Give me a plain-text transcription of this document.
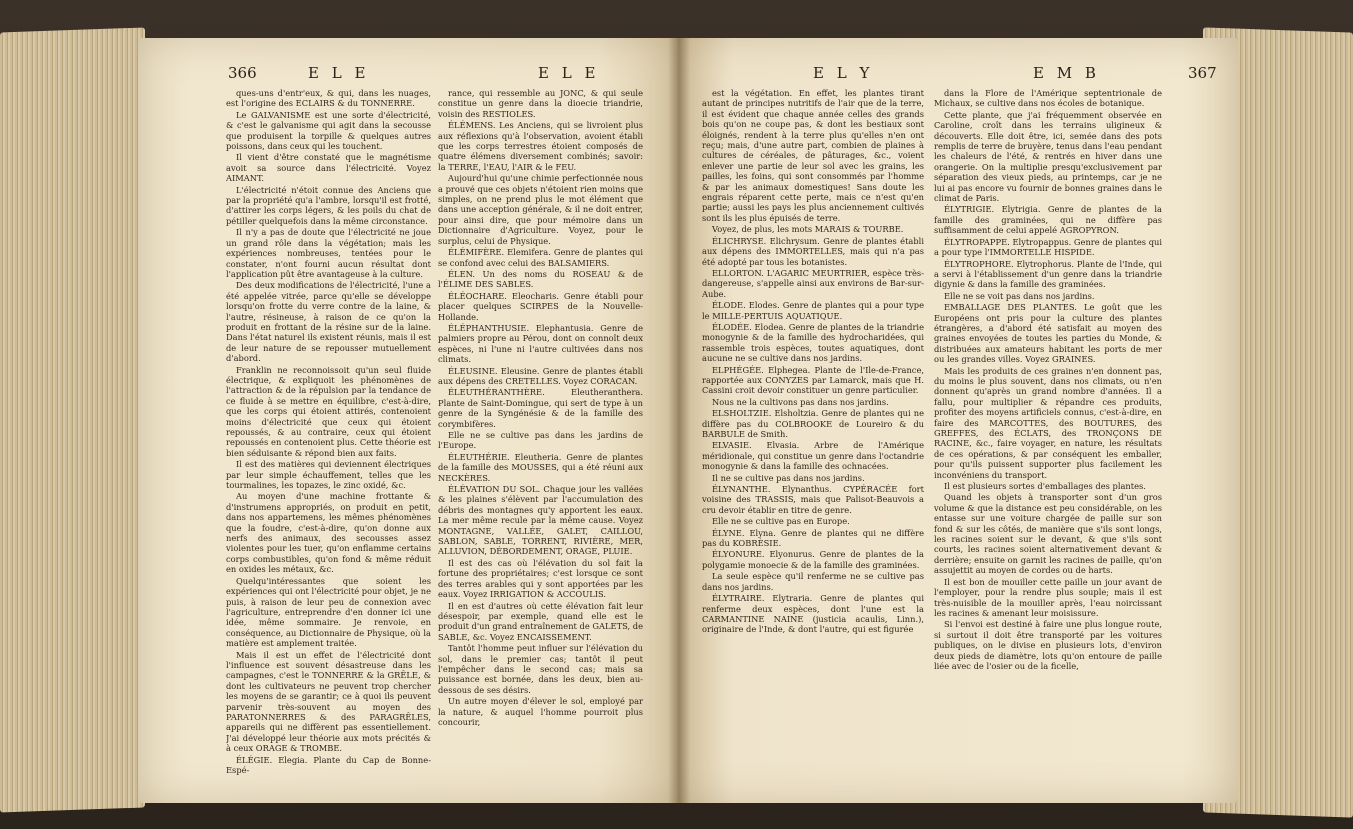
366	E L E	E L E

ques-uns d'entr'eux, & qui, dans les nuages, est l'origine des ECLAIRS & du TONNERRE.

Le GALVANISME est une sorte d'électricité, & c'est le galvanisme qui agit dans la secousse que produisent la torpille & quelques autres poissons, dans ceux qui les touchent.

Il vient d'être constaté que le magnétisme avoit sa source dans l'électricité. Voyez AIMANT.

L'électricité n'étoit connue des Anciens que par la propriété qu'a l'ambre, lorsqu'il est frotté, d'attirer les corps légers, & les poils du chat de pétiller quelquefois dans la même circonstance.

Il n'y a pas de doute que l'électricité ne joue un grand rôle dans la végétation; mais les expériences nombreuses, tentées pour le constater, n'ont fourni aucun résultat dont l'application pût être avantageuse à la culture.

Des deux modifications de l'électricité, l'une a été appelée vitrée, parce qu'elle se développe lorsqu'on frotte du verre contre de la laine, & l'autre, résineuse, à raison de ce qu'on la produit en frottant de la résine sur de la laine. Dans l'état naturel ils existent réunis, mais il est de leur nature de se repousser mutuellement d'abord.

Franklin ne reconnoissoit qu'un seul fluide électrique, & expliquoit les phénomènes de l'attraction & de la répulsion par la tendance de ce fluide à se mettre en équilibre, c'est-à-dire, que les corps qui étoient attirés, contenoient moins d'électricité que ceux qui étoient repoussés, & au contraire, ceux qui étoient repoussés en contenoient plus. Cette théorie est bien séduisante & répond bien aux faits.

Il est des matières qui deviennent électriques par leur simple échauffement, telles que les tourmalines, les topazes, le zinc oxidé, &c.

Au moyen d'une machine frottante & d'instrumens appropriés, on produit en petit, dans nos appartemens, les mêmes phénomènes que la foudre, c'est-à-dire, qu'on donne aux nerfs des animaux, des secousses assez violentes pour les tuer, qu'on enflamme certains corps combustibles, qu'on fond & même réduit en oxides les métaux, &c.

Quelqu'intéressantes que soient les expériences qui ont l'électricité pour objet, je ne puis, à raison de leur peu de connexion avec l'agriculture, entreprendre d'en donner ici une idée, même sommaire. Je renvoie, en conséquence, au Dictionnaire de Physique, où la matière est amplement traitée.

Mais il est un effet de l'électricité dont l'influence est souvent désastreuse dans les campagnes, c'est le TONNERRE & la GRÊLE, & dont les cultivateurs ne peuvent trop chercher les moyens de se garantir; ce à quoi ils peuvent parvenir très-souvent au moyen des PARATONNERRES & des PARAGRÊLES, appareils qui ne diffèrent pas essentiellement. J'ai développé leur théorie aux mots précités & à ceux ORAGE & TROMBE.

ÉLÉGIE. Elegia. Plante du Cap de Bonne-Espé-

rance, qui ressemble au JONC, & qui seule constitue un genre dans la dioecie triandrie, voisin des RESTIOLES.

ÉLÉMENS. Les Anciens, qui se livroient plus aux réflexions qu'à l'observation, avoient établi que les corps terrestres étoient composés de quatre élémens diversement combinés; savoir: la TERRE, l'EAU, l'AIR & le FEU.

Aujourd'hui qu'une chimie perfectionnée nous a prouvé que ces objets n'étoient rien moins que simples, on ne prend plus le mot élément que dans une acception générale, & il ne doit entrer, pour ainsi dire, que pour mémoire dans un Dictionnaire d'Agriculture. Voyez, pour le surplus, celui de Physique.

ÉLÉMIFÈRE. Elemifera. Genre de plantes qui se confond avec celui des BALSAMIERS.

ÉLEN. Un des noms du ROSEAU & de l'ÉLIME DES SABLES.

ÉLÉOCHARE. Eleocharis. Genre établi pour placer quelques SCIRPES de la Nouvelle-Hollande.

ÉLÉPHANTHUSIE. Elephantusia. Genre de palmiers propre au Pérou, dont on connoît deux espèces, ni l'une ni l'autre cultivées dans nos climats.

ÉLEUSINE. Eleusine. Genre de plantes établi aux dépens des CRETELLES. Voyez CORACAN.

ÉLEUTHÉRANTHÈRE. Eleutheranthera. Plante de Saint-Domingue, qui sert de type à un genre de la Syngénésie & de la famille des corymbifères.

Elle ne se cultive pas dans les jardins de l'Europe.

ÉLEUTHÉRIE. Eleutheria. Genre de plantes de la famille des MOUSSES, qui a été réuni aux NECKÈRES.

ÉLÉVATION DU SOL. Chaque jour les vallées & les plaines s'élèvent par l'accumulation des débris des montagnes qu'y apportent les eaux. La mer même recule par la même cause. Voyez MONTAGNE, VALLÉE, GALET, CAILLOU, SABLON, SABLE, TORRENT, RIVIÈRE, MER, ALLUVION, DÉBORDEMENT, ORAGE, PLUIE.

Il est des cas où l'élévation du sol fait la fortune des propriétaires; c'est lorsque ce sont des terres arables qui y sont apportées par les eaux. Voyez IRRIGATION & ACCOULIS.

Il en est d'autres où cette élévation fait leur désespoir, par exemple, quand elle est le produit d'un grand entraînement de GALETS, de SABLE, &c. Voyez ENCAISSEMENT.

Tantôt l'homme peut influer sur l'élévation du sol, dans le premier cas; tantôt il peut l'empêcher dans le second cas; mais sa puissance est bornée, dans les deux, bien au-dessous de ses désirs.

Un autre moyen d'élever le sol, employé par la nature, & auquel l'homme pourroit plus concourir,

E L Y	E M B	367

est la végétation. En effet, les plantes tirant autant de principes nutritifs de l'air que de la terre, il est évident que chaque année celles des grands bois qu'on ne coupe pas, & dont les bestiaux sont éloignés, rendent à la terre plus qu'elles n'en ont reçu; mais, d'une autre part, combien de plaines à cultures de céréales, de pâturages, &c., voient enlever une partie de leur sol avec les grains, les pailles, les foins, qui sont consommés par l'homme & par les animaux domestiques! Sans doute les engrais réparent cette perte, mais ce n'est qu'en partie; aussi les pays les plus anciennement cultivés sont ils les plus épuisés de terre.

Voyez, de plus, les mots MARAIS & TOURBE.

ÉLICHRYSE. Elichrysum. Genre de plantes établi aux dépens des IMMORTELLES, mais qui n'a pas été adopté par tous les botanistes.

ELLORTON. L'AGARIC MEURTRIER, espèce très-dangereuse, s'appelle ainsi aux environs de Bar-sur-Aube.

ÉLODE. Elodes. Genre de plantes qui a pour type le MILLE-PERTUIS AQUATIQUE.

ÉLODÉE. Elodea. Genre de plantes de la triandrie monogynie & de la famille des hydrocharidées, qui rassemble trois espèces, toutes aquatiques, dont aucune ne se cultive dans nos jardins.

ELPHÉGÉE. Elphegea. Plante de l'Ile-de-France, rapportée aux CONYZES par Lamarck, mais que H. Cassini croit devoir constituer un genre particulier.

Nous ne la cultivons pas dans nos jardins.

ELSHOLTZIE. Elsholtzia. Genre de plantes qui ne diffère pas du COLBROOKE de Loureiro & du BARBULE de Smith.

ELVASIE. Elvasia. Arbre de l'Amérique méridionale, qui constitue un genre dans l'octandrie monogynie & dans la famille des ochnacées.

Il ne se cultive pas dans nos jardins.

ÉLYNANTHE. Elynanthus. CYPÉRACÉE fort voisine des TRASSIS, mais que Palisot-Beauvois a cru devoir établir en titre de genre.

Elle ne se cultive pas en Europe.

ÉLYNE. Elyna. Genre de plantes qui ne diffère pas du KOBRÈSIE.

ÉLYONURE. Elyonurus. Genre de plantes de la polygamie monoecie & de la famille des graminées.

La seule espèce qu'il renferme ne se cultive pas dans nos jardins.

ÉLYTRAIRE. Elytraria. Genre de plantes qui renferme deux espèces, dont l'une est la CARMANTINE NAINE (justicia acaulis, Linn.), originaire de l'Inde, & dont l'autre, qui est figurée

dans la Flore de l'Amérique septentrionale de Michaux, se cultive dans nos écoles de botanique.

Cette plante, que j'ai fréquemment observée en Caroline, croît dans les terrains uligineux & découverts. Elle doit être, ici, semée dans des pots remplis de terre de bruyère, tenus dans l'eau pendant les chaleurs de l'été, & rentrés en hiver dans une orangerie. On la multiplie presqu'exclusivement par séparation des vieux pieds, au printemps, car je ne lui ai pas encore vu fournir de bonnes graines dans le climat de Paris.

ÉLYTRIGIE. Elytrigia. Genre de plantes de la famille des graminées, qui ne diffère pas suffisamment de celui appelé AGROPYRON.

ÉLYTROPAPPE. Elytropappus. Genre de plantes qui a pour type l'IMMORTELLE HISPIDE.

ÉLYTROPHORE. Elytrophorus. Plante de l'Inde, qui a servi à l'établissement d'un genre dans la triandrie digynie & dans la famille des graminées.

Elle ne se voit pas dans nos jardins.

EMBALLAGE DES PLANTES. Le goût que les Européens ont pris pour la culture des plantes étrangères, a d'abord été satisfait au moyen des graines envoyées de toutes les parties du Monde, & distribuées aux amateurs habitant les ports de mer ou les grandes villes. Voyez GRAINES.

Mais les produits de ces graines n'en donnent pas, du moins le plus souvent, dans nos climats, ou n'en donnent qu'après un grand nombre d'années. Il a fallu, pour multiplier & répandre ces produits, profiter des moyens artificiels connus, c'est-à-dire, en faire des MARCOTTES, des BOUTURES, des GREFFES, des ÉCLATS, des TRONÇONS DE RACINE, &c., faire voyager, en nature, les résultats de ces opérations, & par conséquent les emballer, pour qu'ils puissent supporter plus facilement les inconvéniens du transport.

Il est plusieurs sortes d'emballages des plantes.

Quand les objets à transporter sont d'un gros volume & que la distance est peu considérable, on les entasse sur une voiture chargée de paille sur son fond & sur les côtés, de manière que s'ils sont longs, les racines soient sur le devant, & que s'ils sont courts, les racines soient alternativement devant & derrière; ensuite on garnit les racines de paille, qu'on assujettit au moyen de cordes ou de harts.

Il est bon de mouiller cette paille un jour avant de l'employer, pour la rendre plus souple; mais il est très-nuisible de la mouiller après, l'eau noircissant les racines & amenant leur moisissure.

Si l'envoi est destiné à faire une plus longue route, si surtout il doit être transporté par les voitures publiques, on le divise en plusieurs lots, d'environ deux pieds de diamètre, lots qu'on entoure de paille liée avec de l'osier ou de la ficelle,
